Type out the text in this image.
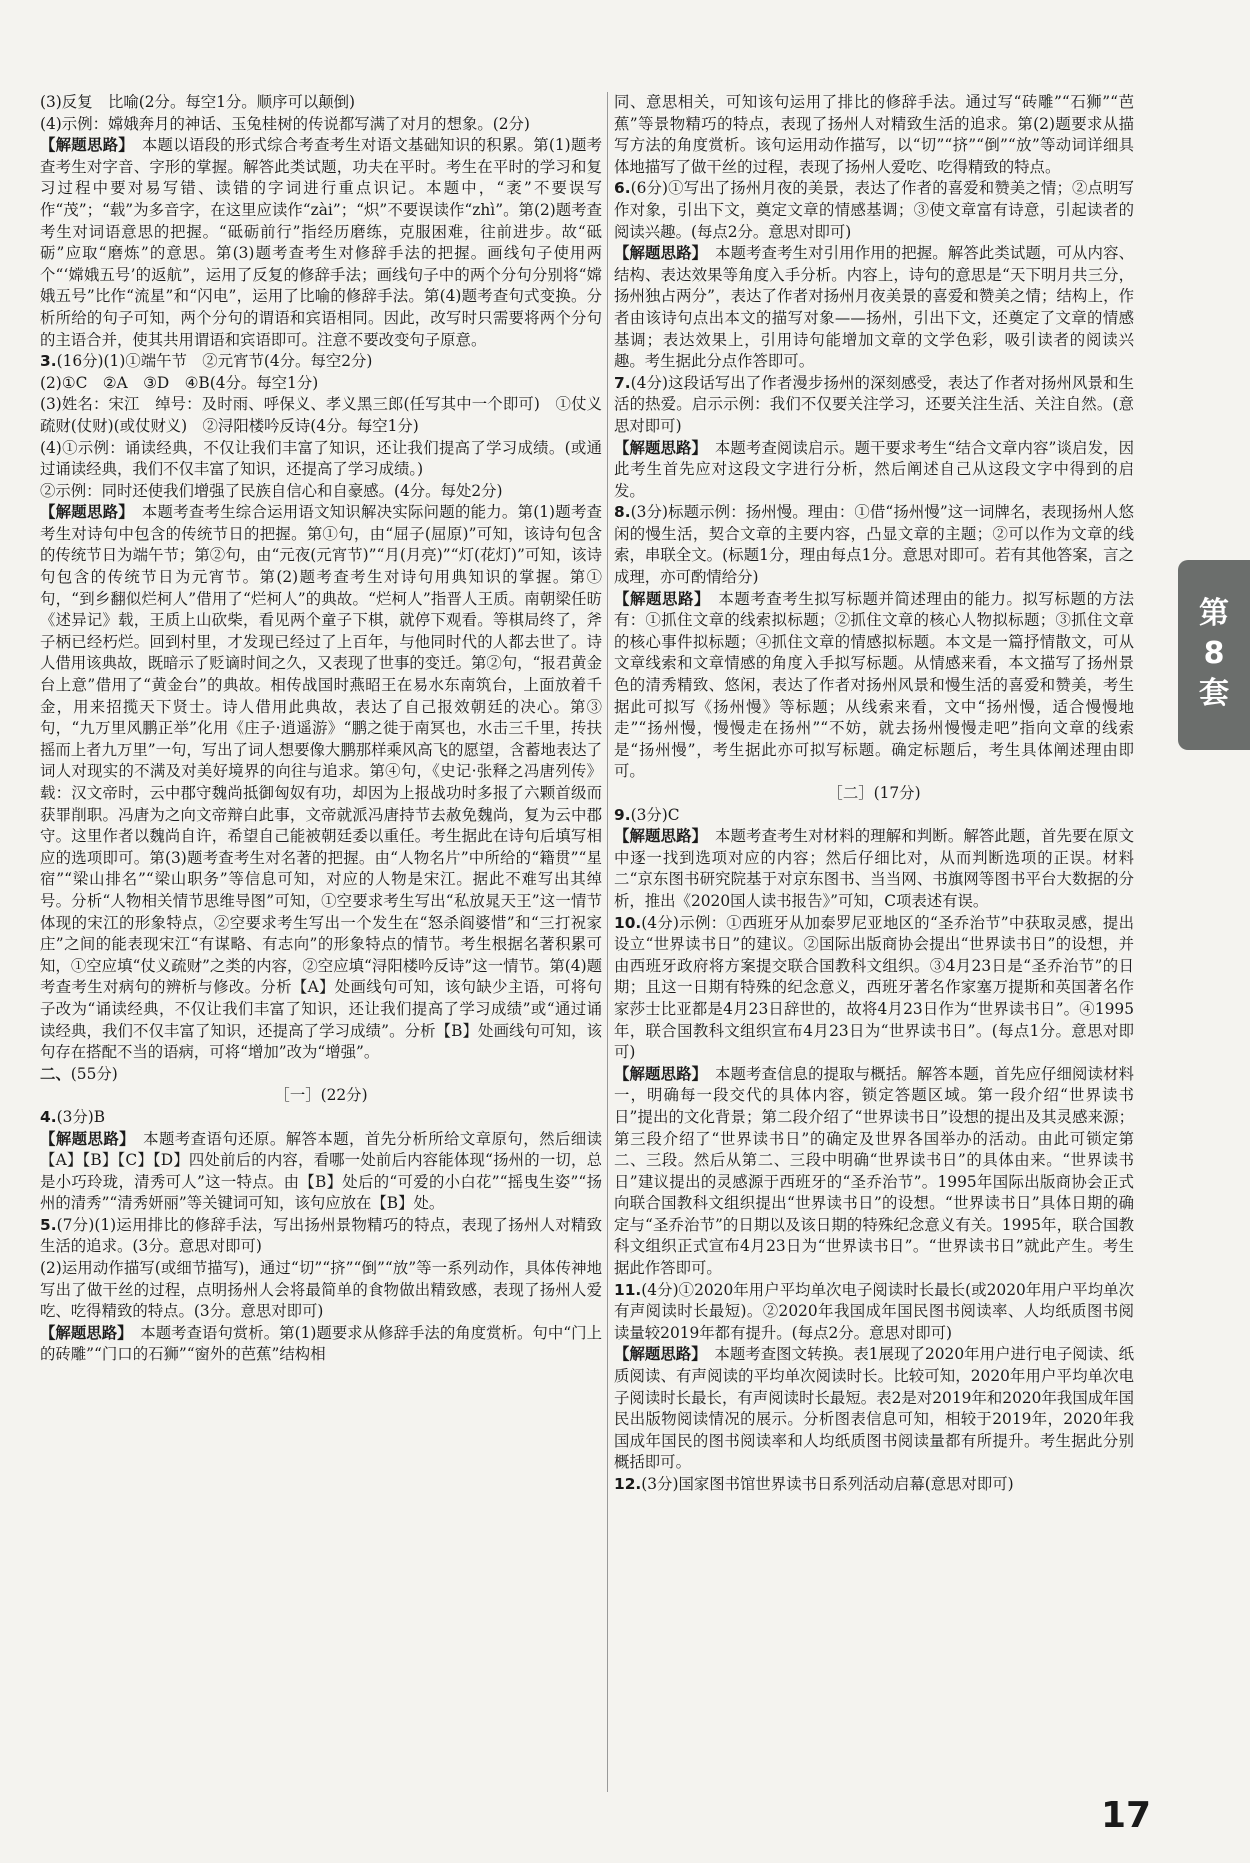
(3)反复　比喻(2分。每空1分。顺序可以颠倒)

(4)示例：嫦娥奔月的神话、玉兔桂树的传说都写满了对月的想象。(2分)

【解题思路】　本题以语段的形式综合考查考生对语文基础知识的积累。第(1)题考查考生对字音、字形的掌握。解答此类试题，功夫在平时。考生在平时的学习和复习过程中要对易写错、读错的字词进行重点识记。本题中，“袤”不要误写作“茂”；“载”为多音字，在这里应读作“zài”；“炽”不要误读作“zhì”。第(2)题考查考生对词语意思的把握。“砥砺前行”指经历磨练，克服困难，往前进步。故“砥砺”应取“磨炼”的意思。第(3)题考查考生对修辞手法的把握。画线句子使用两个“‘嫦娥五号’的返航”，运用了反复的修辞手法；画线句子中的两个分句分别将“嫦娥五号”比作“流星”和“闪电”，运用了比喻的修辞手法。第(4)题考查句式变换。分析所给的句子可知，两个分句的谓语和宾语相同。因此，改写时只需要将两个分句的主语合并，使其共用谓语和宾语即可。注意不要改变句子原意。

3.(16分)(1)①端午节　②元宵节(4分。每空2分)

(2)①C　②A　③D　④B(4分。每空1分)

(3)姓名：宋江　绰号：及时雨、呼保义、孝义黑三郎(任写其中一个即可)　①仗义疏财(仗财)(或仗财义)　②浔阳楼吟反诗(4分。每空1分)

(4)①示例：诵读经典，不仅让我们丰富了知识，还让我们提高了学习成绩。(或通过诵读经典，我们不仅丰富了知识，还提高了学习成绩。)

②示例：同时还使我们增强了民族自信心和自豪感。(4分。每处2分)

【解题思路】　本题考查考生综合运用语文知识解决实际问题的能力。第(1)题考查考生对诗句中包含的传统节日的把握。第①句，由“屈子(屈原)”可知，该诗句包含的传统节日为端午节；第②句，由“元夜(元宵节)”“月(月亮)”“灯(花灯)”可知，该诗句包含的传统节日为元宵节。第(2)题考查考生对诗句用典知识的掌握。第①句，“到乡翻似烂柯人”借用了“烂柯人”的典故。“烂柯人”指晋人王质。南朝梁任昉《述异记》载，王质上山砍柴，看见两个童子下棋，就停下观看。等棋局终了，斧子柄已经朽烂。回到村里，才发现已经过了上百年，与他同时代的人都去世了。诗人借用该典故，既暗示了贬谪时间之久，又表现了世事的变迁。第②句，“报君黄金台上意”借用了“黄金台”的典故。相传战国时燕昭王在易水东南筑台，上面放着千金，用来招揽天下贤士。诗人借用此典故，表达了自己报效朝廷的决心。第③句，“九万里风鹏正举”化用《庄子·逍遥游》“鹏之徙于南冥也，水击三千里，抟扶摇而上者九万里”一句，写出了词人想要像大鹏那样乘风高飞的愿望，含蓄地表达了词人对现实的不满及对美好境界的向往与追求。第④句，《史记·张释之冯唐列传》载：汉文帝时，云中郡守魏尚抵御匈奴有功，却因为上报战功时多报了六颗首级而获罪削职。冯唐为之向文帝辩白此事，文帝就派冯唐持节去赦免魏尚，复为云中郡守。这里作者以魏尚自许，希望自己能被朝廷委以重任。考生据此在诗句后填写相应的选项即可。第(3)题考查考生对名著的把握。由“人物名片”中所给的“籍贯”“星宿”“梁山排名”“梁山职务”等信息可知，对应的人物是宋江。据此不难写出其绰号。分析“人物相关情节思维导图”可知，①空要求考生写出“私放晁天王”这一情节体现的宋江的形象特点，②空要求考生写出一个发生在“怒杀阎婆惜”和“三打祝家庄”之间的能表现宋江“有谋略、有志向”的形象特点的情节。考生根据名著积累可知，①空应填“仗义疏财”之类的内容，②空应填“浔阳楼吟反诗”这一情节。第(4)题考查考生对病句的辨析与修改。分析【A】处画线句可知，该句缺少主语，可将句子改为“诵读经典，不仅让我们丰富了知识，还让我们提高了学习成绩”或“通过诵读经典，我们不仅丰富了知识，还提高了学习成绩”。分析【B】处画线句可知，该句存在搭配不当的语病，可将“增加”改为“增强”。

二、(55分)

［一］(22分)

4.(3分)B

【解题思路】　本题考查语句还原。解答本题，首先分析所给文章原句，然后细读【A】【B】【C】【D】四处前后的内容，看哪一处前后内容能体现“扬州的一切，总是小巧玲珑，清秀可人”这一特点。由【B】处后的“可爱的小白花”“摇曳生姿”“扬州的清秀”“清秀妍丽”等关键词可知，该句应放在【B】处。

5.(7分)(1)运用排比的修辞手法，写出扬州景物精巧的特点，表现了扬州人对精致生活的追求。(3分。意思对即可)

(2)运用动作描写(或细节描写)，通过“切”“挤”“倒”“放”等一系列动作，具体传神地写出了做干丝的过程，点明扬州人会将最简单的食物做出精致感，表现了扬州人爱吃、吃得精致的特点。(3分。意思对即可)

【解题思路】　本题考查语句赏析。第(1)题要求从修辞手法的角度赏析。句中“门上的砖雕”“门口的石狮”“窗外的芭蕉”结构相

同、意思相关，可知该句运用了排比的修辞手法。通过写“砖雕”“石狮”“芭蕉”等景物精巧的特点，表现了扬州人对精致生活的追求。第(2)题要求从描写方法的角度赏析。该句运用动作描写，以“切”“挤”“倒”“放”等动词详细具体地描写了做干丝的过程，表现了扬州人爱吃、吃得精致的特点。

6.(6分)①写出了扬州月夜的美景，表达了作者的喜爱和赞美之情；②点明写作对象，引出下文，奠定文章的情感基调；③使文章富有诗意，引起读者的阅读兴趣。(每点2分。意思对即可)

【解题思路】　本题考查考生对引用作用的把握。解答此类试题，可从内容、结构、表达效果等角度入手分析。内容上，诗句的意思是“天下明月共三分，扬州独占两分”，表达了作者对扬州月夜美景的喜爱和赞美之情；结构上，作者由该诗句点出本文的描写对象——扬州，引出下文，还奠定了文章的情感基调；表达效果上，引用诗句能增加文章的文学色彩，吸引读者的阅读兴趣。考生据此分点作答即可。

7.(4分)这段话写出了作者漫步扬州的深刻感受，表达了作者对扬州风景和生活的热爱。启示示例：我们不仅要关注学习，还要关注生活、关注自然。(意思对即可)

【解题思路】　本题考查阅读启示。题干要求考生“结合文章内容”谈启发，因此考生首先应对这段文字进行分析，然后阐述自己从这段文字中得到的启发。

8.(3分)标题示例：扬州慢。理由：①借“扬州慢”这一词牌名，表现扬州人悠闲的慢生活，契合文章的主要内容，凸显文章的主题；②可以作为文章的线索，串联全文。(标题1分，理由每点1分。意思对即可。若有其他答案，言之成理，亦可酌情给分)

【解题思路】　本题考查考生拟写标题并简述理由的能力。拟写标题的方法有：①抓住文章的线索拟标题；②抓住文章的核心人物拟标题；③抓住文章的核心事件拟标题；④抓住文章的情感拟标题。本文是一篇抒情散文，可从文章线索和文章情感的角度入手拟写标题。从情感来看，本文描写了扬州景色的清秀精致、悠闲，表达了作者对扬州风景和慢生活的喜爱和赞美，考生据此可拟写《扬州慢》等标题；从线索来看，文中“扬州慢，适合慢慢地走”“扬州慢，慢慢走在扬州”“不妨，就去扬州慢慢走吧”指向文章的线索是“扬州慢”，考生据此亦可拟写标题。确定标题后，考生具体阐述理由即可。

［二］(17分)

9.(3分)C

【解题思路】　本题考查考生对材料的理解和判断。解答此题，首先要在原文中逐一找到选项对应的内容；然后仔细比对，从而判断选项的正误。材料二“京东图书研究院基于对京东图书、当当网、书旗网等图书平台大数据的分析，推出《2020国人读书报告》”可知，C项表述有误。

10.(4分)示例：①西班牙从加泰罗尼亚地区的“圣乔治节”中获取灵感，提出设立“世界读书日”的建议。②国际出版商协会提出“世界读书日”的设想，并由西班牙政府将方案提交联合国教科文组织。③4月23日是“圣乔治节”的日期；且这一日期有特殊的纪念意义，西班牙著名作家塞万提斯和英国著名作家莎士比亚都是4月23日辞世的，故将4月23日作为“世界读书日”。④1995年，联合国教科文组织宣布4月23日为“世界读书日”。(每点1分。意思对即可)

【解题思路】　本题考查信息的提取与概括。解答本题，首先应仔细阅读材料一，明确每一段交代的具体内容，锁定答题区域。第一段介绍“世界读书日”提出的文化背景；第二段介绍了“世界读书日”设想的提出及其灵感来源；第三段介绍了“世界读书日”的确定及世界各国举办的活动。由此可锁定第二、三段。然后从第二、三段中明确“世界读书日”的具体由来。“世界读书日”建议提出的灵感源于西班牙的“圣乔治节”。1995年国际出版商协会正式向联合国教科文组织提出“世界读书日”的设想。“世界读书日”具体日期的确定与“圣乔治节”的日期以及该日期的特殊纪念意义有关。1995年，联合国教科文组织正式宣布4月23日为“世界读书日”。“世界读书日”就此产生。考生据此作答即可。

11.(4分)①2020年用户平均单次电子阅读时长最长(或2020年用户平均单次有声阅读时长最短)。②2020年我国成年国民图书阅读率、人均纸质图书阅读量较2019年都有提升。(每点2分。意思对即可)

【解题思路】　本题考查图文转换。表1展现了2020年用户进行电子阅读、纸质阅读、有声阅读的平均单次阅读时长。比较可知，2020年用户平均单次电子阅读时长最长，有声阅读时长最短。表2是对2019年和2020年我国成年国民出版物阅读情况的展示。分析图表信息可知，相较于2019年，2020年我国成年国民的图书阅读率和人均纸质图书阅读量都有所提升。考生据此分别概括即可。

12.(3分)国家图书馆世界读书日系列活动启幕(意思对即可)

第
8
套
17
